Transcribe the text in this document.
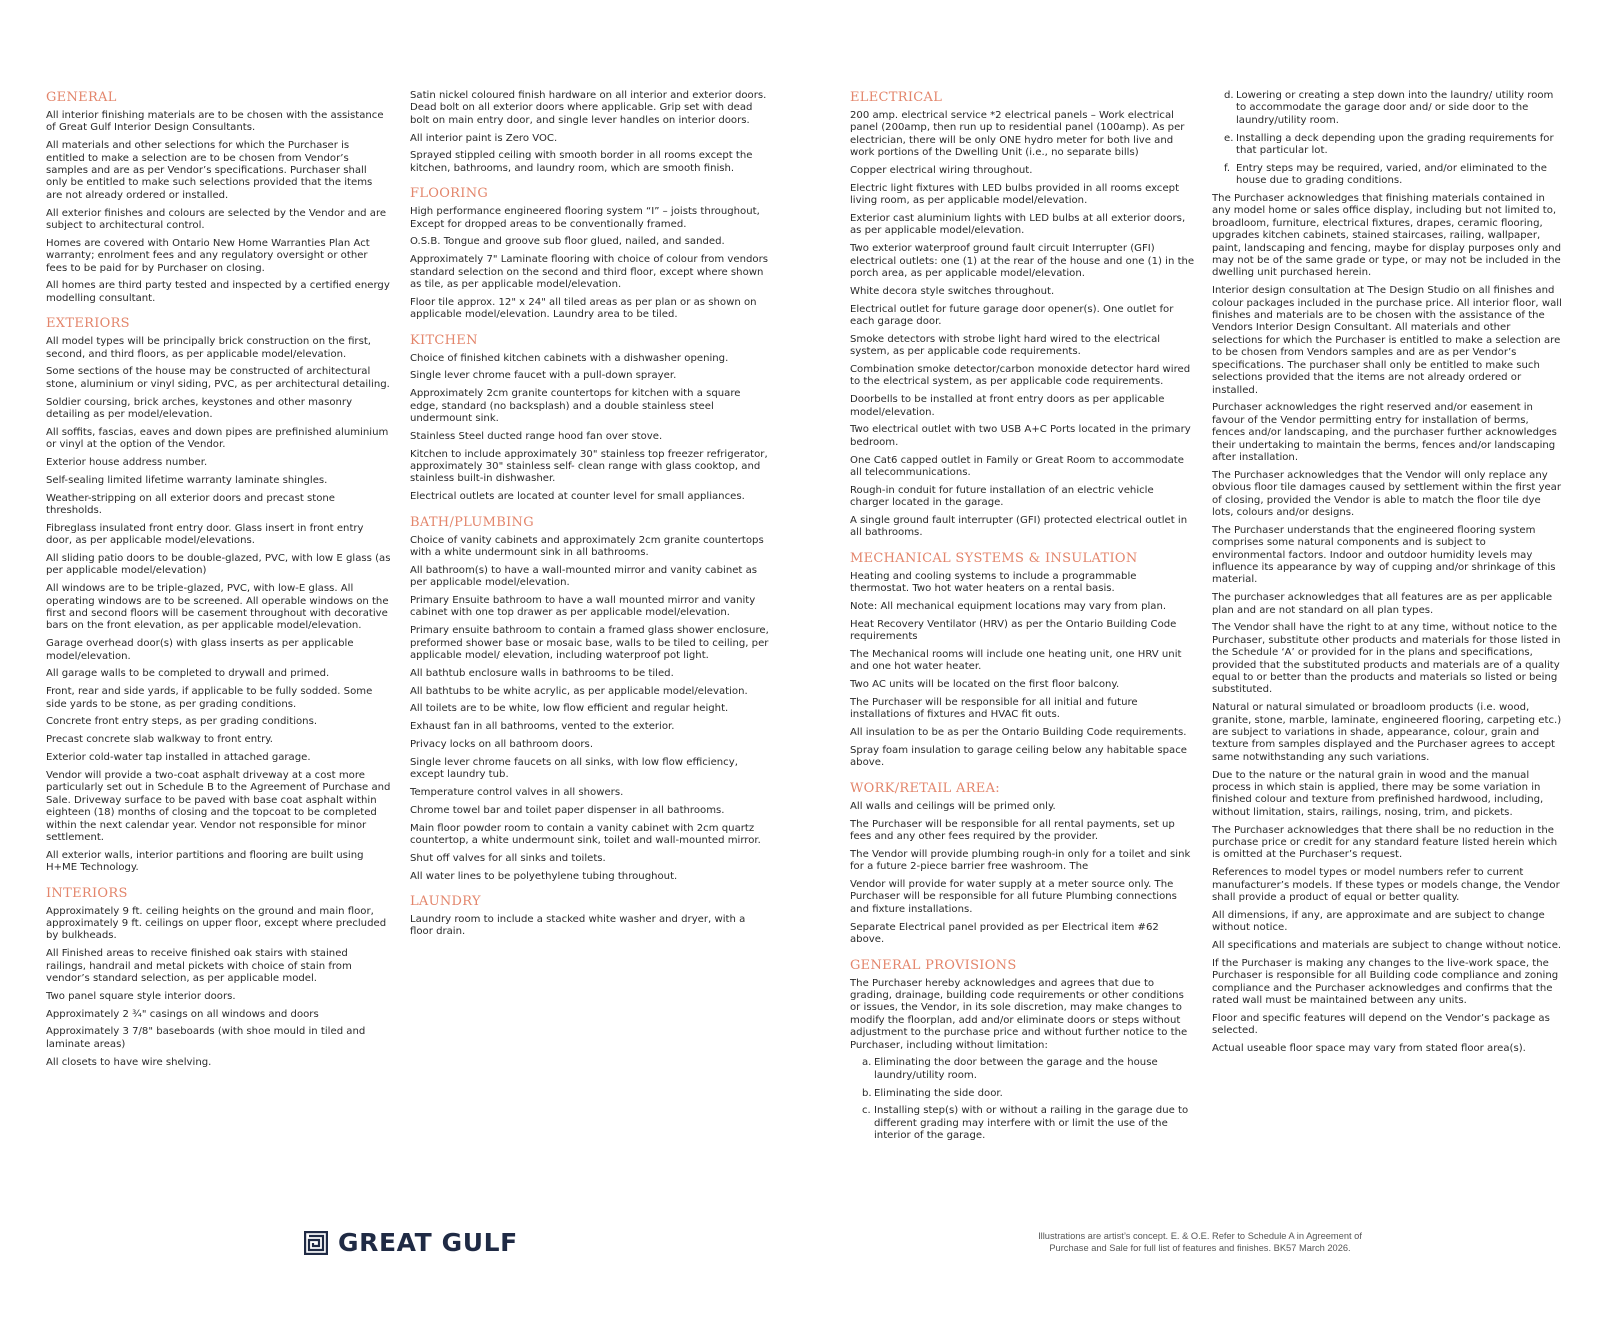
GENERAL

All interior finishing materials are to be chosen with the assistance of Great Gulf Interior Design Consultants.

All materials and other selections for which the Purchaser is entitled to make a selection are to be chosen from Vendor’s samples and are as per Vendor’s specifications. Purchaser shall only be entitled to make such selections provided that the items are not already ordered or installed.

All exterior finishes and colours are selected by the Vendor and are subject to architectural control.

Homes are covered with Ontario New Home Warranties Plan Act warranty; enrolment fees and any regulatory oversight or other fees to be paid for by Purchaser on closing.

All homes are third party tested and inspected by a certified energy modelling consultant.

EXTERIORS

All model types will be principally brick construction on the first, second, and third floors, as per applicable model/elevation.

Some sections of the house may be constructed of architectural stone, aluminium or vinyl siding, PVC, as per architectural detailing.

Soldier coursing, brick arches, keystones and other masonry detailing as per model/elevation.

All soffits, fascias, eaves and down pipes are prefinished aluminium or vinyl at the option of the Vendor.

Exterior house address number.

Self-sealing limited lifetime warranty laminate shingles.

Weather-stripping on all exterior doors and precast stone thresholds.

Fibreglass insulated front entry door. Glass insert in front entry door, as per applicable model/elevations.

All sliding patio doors to be double-glazed, PVC, with low E glass (as per applicable model/elevation)

All windows are to be triple-glazed, PVC, with low-E glass. All operating windows are to be screened. All operable windows on the first and second floors will be casement throughout with decorative bars on the front elevation, as per applicable model/elevation.

Garage overhead door(s) with glass inserts as per applicable model/elevation.

All garage walls to be completed to drywall and primed.

Front, rear and side yards, if applicable to be fully sodded. Some side yards to be stone, as per grading conditions.

Concrete front entry steps, as per grading conditions.

Precast concrete slab walkway to front entry.

Exterior cold-water tap installed in attached garage.

Vendor will provide a two-coat asphalt driveway at a cost more particularly set out in Schedule B to the Agreement of Purchase and Sale. Driveway surface to be paved with base coat asphalt within eighteen (18) months of closing and the topcoat to be completed within the next calendar year. Vendor not responsible for minor settlement.

All exterior walls, interior partitions and flooring are built using H+ME Technology.

INTERIORS

Approximately 9 ft. ceiling heights on the ground and main floor, approximately 9 ft. ceilings on upper floor, except where precluded by bulkheads.

All Finished areas to receive finished oak stairs with stained railings, handrail and metal pickets with choice of stain from vendor’s standard selection, as per applicable model.

Two panel square style interior doors.

Approximately 2 ¾" casings on all windows and doors

Approximately 3 7/8" baseboards (with shoe mould in tiled and laminate areas)

All closets to have wire shelving.

Satin nickel coloured finish hardware on all interior and exterior doors. Dead bolt on all exterior doors where applicable. Grip set with dead bolt on main entry door, and single lever handles on interior doors.

All interior paint is Zero VOC.

Sprayed stippled ceiling with smooth border in all rooms except the kitchen, bathrooms, and laundry room, which are smooth finish.

FLOORING

High performance engineered flooring system “I” – joists throughout, Except for dropped areas to be conventionally framed.

O.S.B. Tongue and groove sub floor glued, nailed, and sanded.

Approximately 7" Laminate flooring with choice of colour from vendors standard selection on the second and third floor, except where shown as tile, as per applicable model/elevation.

Floor tile approx. 12" x 24" all tiled areas as per plan or as shown on applicable model/elevation. Laundry area to be tiled.

KITCHEN

Choice of finished kitchen cabinets with a dishwasher opening.

Single lever chrome faucet with a pull-down sprayer.

Approximately 2cm granite countertops for kitchen with a square edge, standard (no backsplash) and a double stainless steel undermount sink.

Stainless Steel ducted range hood fan over stove.

Kitchen to include approximately 30" stainless top freezer refrigerator, approximately 30" stainless self- clean range with glass cooktop, and stainless built-in dishwasher.

Electrical outlets are located at counter level for small appliances.

BATH/PLUMBING

Choice of vanity cabinets and approximately 2cm granite countertops with a white undermount sink in all bathrooms.

All bathroom(s) to have a wall-mounted mirror and vanity cabinet as per applicable model/elevation.

Primary Ensuite bathroom to have a wall mounted mirror and vanity cabinet with one top drawer as per applicable model/elevation.

Primary ensuite bathroom to contain a framed glass shower enclosure, preformed shower base or mosaic base, walls to be tiled to ceiling, per applicable model/ elevation, including waterproof pot light.

All bathtub enclosure walls in bathrooms to be tiled.

All bathtubs to be white acrylic, as per applicable model/elevation.

All toilets are to be white, low flow efficient and regular height.

Exhaust fan in all bathrooms, vented to the exterior.

Privacy locks on all bathroom doors.

Single lever chrome faucets on all sinks, with low flow efficiency, except laundry tub.

Temperature control valves in all showers.

Chrome towel bar and toilet paper dispenser in all bathrooms.

Main floor powder room to contain a vanity cabinet with 2cm quartz countertop, a white undermount sink, toilet and wall-mounted mirror.

Shut off valves for all sinks and toilets.

All water lines to be polyethylene tubing throughout.

LAUNDRY

Laundry room to include a stacked white washer and dryer, with a floor drain.

ELECTRICAL

200 amp. electrical service *2 electrical panels – Work electrical panel (200amp, then run up to residential panel (100amp). As per electrician, there will be only ONE hydro meter for both live and work portions of the Dwelling Unit (i.e., no separate bills)

Copper electrical wiring throughout.

Electric light fixtures with LED bulbs provided in all rooms except living room, as per applicable model/elevation.

Exterior cast aluminium lights with LED bulbs at all exterior doors, as per applicable model/elevation.

Two exterior waterproof ground fault circuit Interrupter (GFI) electrical outlets: one (1) at the rear of the house and one (1) in the porch area, as per applicable model/elevation.

White decora style switches throughout.

Electrical outlet for future garage door opener(s). One outlet for each garage door.

Smoke detectors with strobe light hard wired to the electrical system, as per applicable code requirements.

Combination smoke detector/carbon monoxide detector hard wired to the electrical system, as per applicable code requirements.

Doorbells to be installed at front entry doors as per applicable model/elevation.

Two electrical outlet with two USB A+C Ports located in the primary bedroom.

One Cat6 capped outlet in Family or Great Room to accommodate all telecommunications.

Rough-in conduit for future installation of an electric vehicle charger located in the garage.

A single ground fault interrupter (GFI) protected electrical outlet in all bathrooms.

MECHANICAL SYSTEMS & INSULATION

Heating and cooling systems to include a programmable thermostat. Two hot water heaters on a rental basis.

Note: All mechanical equipment locations may vary from plan.

Heat Recovery Ventilator (HRV) as per the Ontario Building Code requirements

The Mechanical rooms will include one heating unit, one HRV unit and one hot water heater.

Two AC units will be located on the first floor balcony.

The Purchaser will be responsible for all initial and future installations of fixtures and HVAC fit outs.

All insulation to be as per the Ontario Building Code requirements.

Spray foam insulation to garage ceiling below any habitable space above.

WORK/RETAIL AREA:

All walls and ceilings will be primed only.

The Purchaser will be responsible for all rental payments, set up fees and any other fees required by the provider.

The Vendor will provide plumbing rough-in only for a toilet and sink for a future 2-piece barrier free washroom. The

Vendor will provide for water supply at a meter source only. The Purchaser will be responsible for all future Plumbing connections and fixture installations.

Separate Electrical panel provided as per Electrical item #62 above.

GENERAL PROVISIONS

The Purchaser hereby acknowledges and agrees that due to grading, drainage, building code requirements or other conditions or issues, the Vendor, in its sole discretion, may make changes to modify the floorplan, add and/or eliminate doors or steps without adjustment to the purchase price and without further notice to the Purchaser, including without limitation:

a. Eliminating the door between the garage and the house laundry/utility room.
b. Eliminating the side door.
c. Installing step(s) with or without a railing in the garage due to different grading may interfere with or limit the use of the interior of the garage.
d. Lowering or creating a step down into the laundry/ utility room to accommodate the garage door and/ or side door to the laundry/utility room.
e. Installing a deck depending upon the grading requirements for that particular lot.
f. Entry steps may be required, varied, and/or eliminated to the house due to grading conditions.

The Purchaser acknowledges that finishing materials contained in any model home or sales office display, including but not limited to, broadloom, furniture, electrical fixtures, drapes, ceramic flooring, upgrades kitchen cabinets, stained staircases, railing, wallpaper, paint, landscaping and fencing, maybe for display purposes only and may not be of the same grade or type, or may not be included in the dwelling unit purchased herein.

Interior design consultation at The Design Studio on all finishes and colour packages included in the purchase price. All interior floor, wall finishes and materials are to be chosen with the assistance of the Vendors Interior Design Consultant. All materials and other selections for which the Purchaser is entitled to make a selection are to be chosen from Vendors samples and are as per Vendor’s specifications. The purchaser shall only be entitled to make such selections provided that the items are not already ordered or installed.

Purchaser acknowledges the right reserved and/or easement in favour of the Vendor permitting entry for installation of berms, fences and/or landscaping, and the purchaser further acknowledges their undertaking to maintain the berms, fences and/or landscaping after installation.

The Purchaser acknowledges that the Vendor will only replace any obvious floor tile damages caused by settlement within the first year of closing, provided the Vendor is able to match the floor tile dye lots, colours and/or designs.

The Purchaser understands that the engineered flooring system comprises some natural components and is subject to environmental factors. Indoor and outdoor humidity levels may influence its appearance by way of cupping and/or shrinkage of this material.

The purchaser acknowledges that all features are as per applicable plan and are not standard on all plan types.

The Vendor shall have the right to at any time, without notice to the Purchaser, substitute other products and materials for those listed in the Schedule ‘A’ or provided for in the plans and specifications, provided that the substituted products and materials are of a quality equal to or better than the products and materials so listed or being substituted.

Natural or natural simulated or broadloom products (i.e. wood, granite, stone, marble, laminate, engineered flooring, carpeting etc.) are subject to variations in shade, appearance, colour, grain and texture from samples displayed and the Purchaser agrees to accept same notwithstanding any such variations.

Due to the nature or the natural grain in wood and the manual process in which stain is applied, there may be some variation in finished colour and texture from prefinished hardwood, including, without limitation, stairs, railings, nosing, trim, and pickets.

The Purchaser acknowledges that there shall be no reduction in the purchase price or credit for any standard feature listed herein which is omitted at the Purchaser’s request.

References to model types or model numbers refer to current manufacturer’s models. If these types or models change, the Vendor shall provide a product of equal or better quality.

All dimensions, if any, are approximate and are subject to change without notice.

All specifications and materials are subject to change without notice.

If the Purchaser is making any changes to the live-work space, the Purchaser is responsible for all Building code compliance and zoning compliance and the Purchaser acknowledges and confirms that the rated wall must be maintained between any units.

Floor and specific features will depend on the Vendor’s package as selected.

Actual useable floor space may vary from stated floor area(s).

GREAT GULF	Illustrations are artist’s concept. E. & O.E. Refer to Schedule A in Agreement of
Purchase and Sale for full list of features and finishes. BK57 March 2026.
